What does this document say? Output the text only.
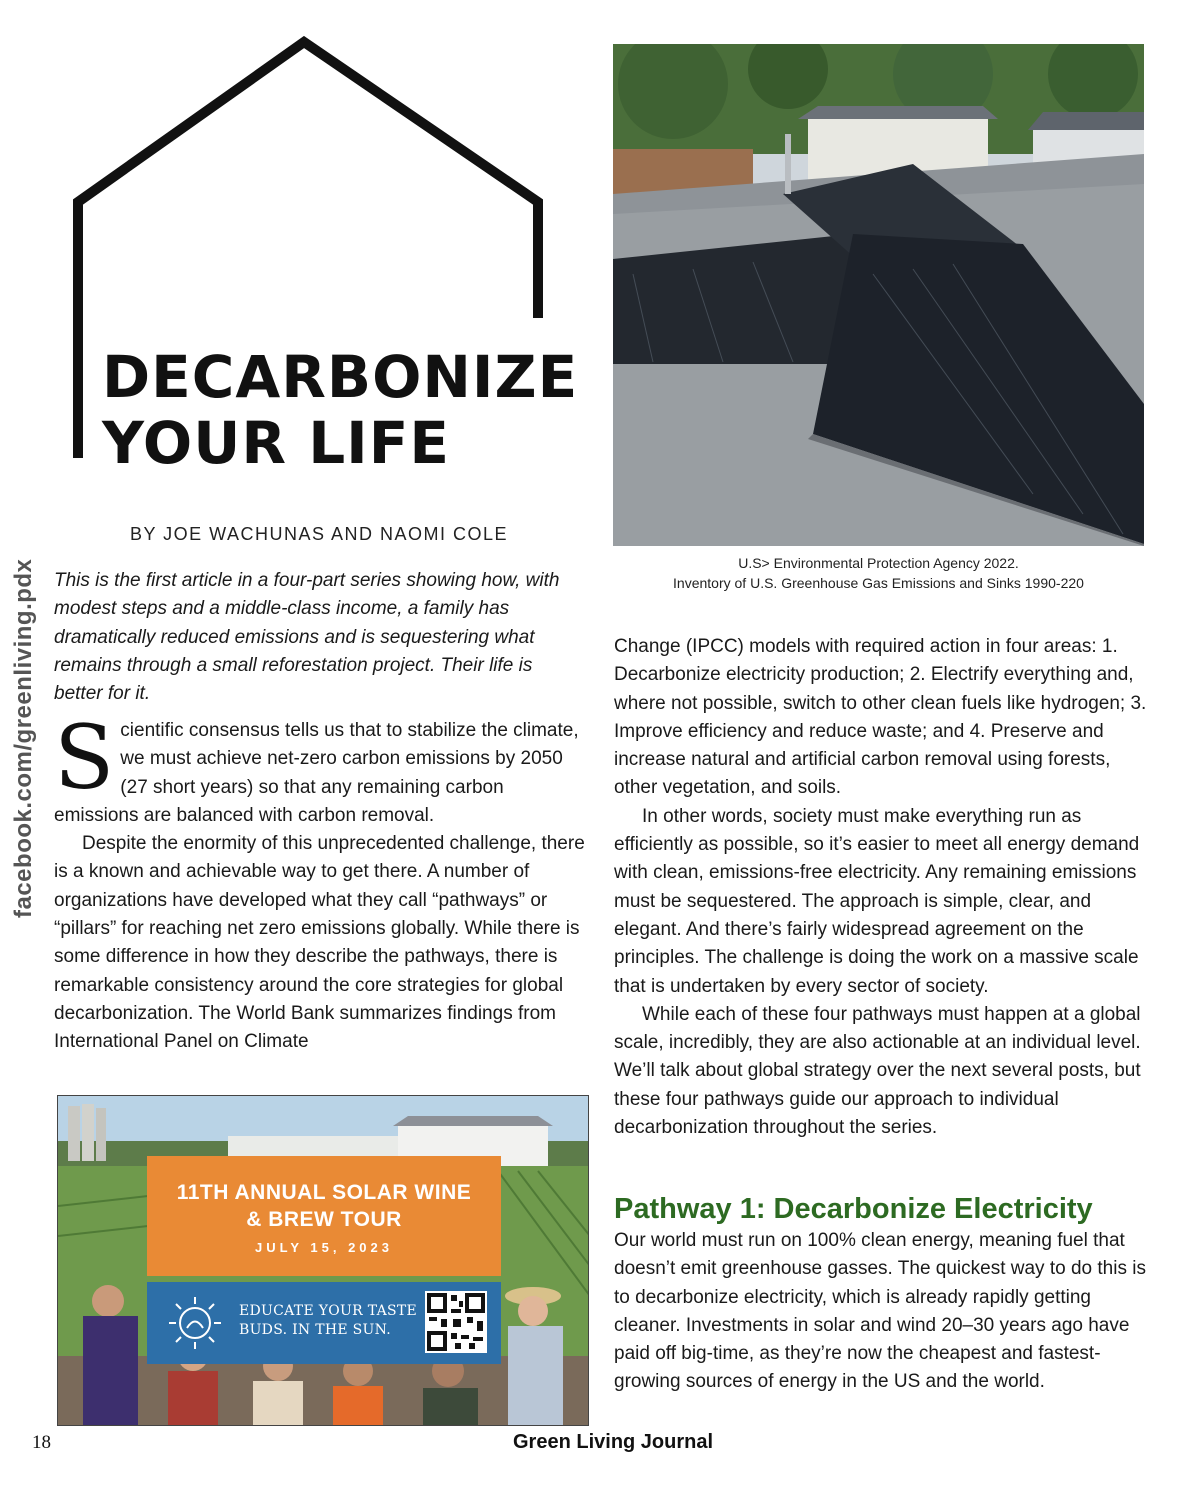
DECARBONIZE
YOUR LIFE
BY JOE WACHUNAS AND NAOMI COLE
facebook.com/greenliving.pdx This is the first article in a four-part series showing how, with modest steps and a middle-class income, a family has dramatically reduced emissions and is sequestering what remains through a small reforestation project. Their life is better for it.

Scientific consensus tells us that to stabilize the climate, we must achieve net-zero carbon emissions by 2050 (27 short years) so that any remaining carbon emissions are balanced with carbon removal.

Despite the enormity of this unprecedented challenge, there is a known and achievable way to get there. A number of organizations have developed what they call “pathways” or “pillars” for reaching net zero emissions globally. While there is some difference in how they describe the pathways, there is remarkable consistency around the core strategies for global decarbonization. The World Bank summarizes findings from International Panel on Climate

U.S> Environmental Protection Agency 2022.
Inventory of U.S. Greenhouse Gas Emissions and Sinks 1990-220

Change (IPCC) models with required action in four areas: 1. Decarbonize electricity production; 2. Electrify everything and, where not possible, switch to other clean fuels like hydrogen; 3. Improve efficiency and reduce waste; and 4. Preserve and increase natural and artificial carbon removal using forests, other vegetation, and soils.

In other words, society must make everything run as efficiently as possible, so it’s easier to meet all energy demand with clean, emissions-free electricity. Any remaining emissions must be sequestered. The approach is simple, clear, and elegant. And there’s fairly widespread agreement on the principles. The challenge is doing the work on a massive scale that is undertaken by every sector of society.

While each of these four pathways must happen at a global scale, incredibly, they are also actionable at an individual level. We’ll talk about global strategy over the next several posts, but these four pathways guide our approach to individual decarbonization throughout the series.

Pathway 1: Decarbonize Electricity

Our world must run on 100% clean energy, meaning fuel that doesn’t emit greenhouse gasses. The quickest way to do this is to decarbonize electricity, which is already rapidly getting cleaner. Investments in solar and wind 20–30 years ago have paid off big-time, as they’re now the cheapest and fastest-growing sources of energy in the US and the world.

11TH ANNUAL SOLAR WINE
& BREW TOUR
JULY 15, 2023
EDUCATE YOUR TASTE BUDS. IN THE SUN.
18	Green Living Journal
